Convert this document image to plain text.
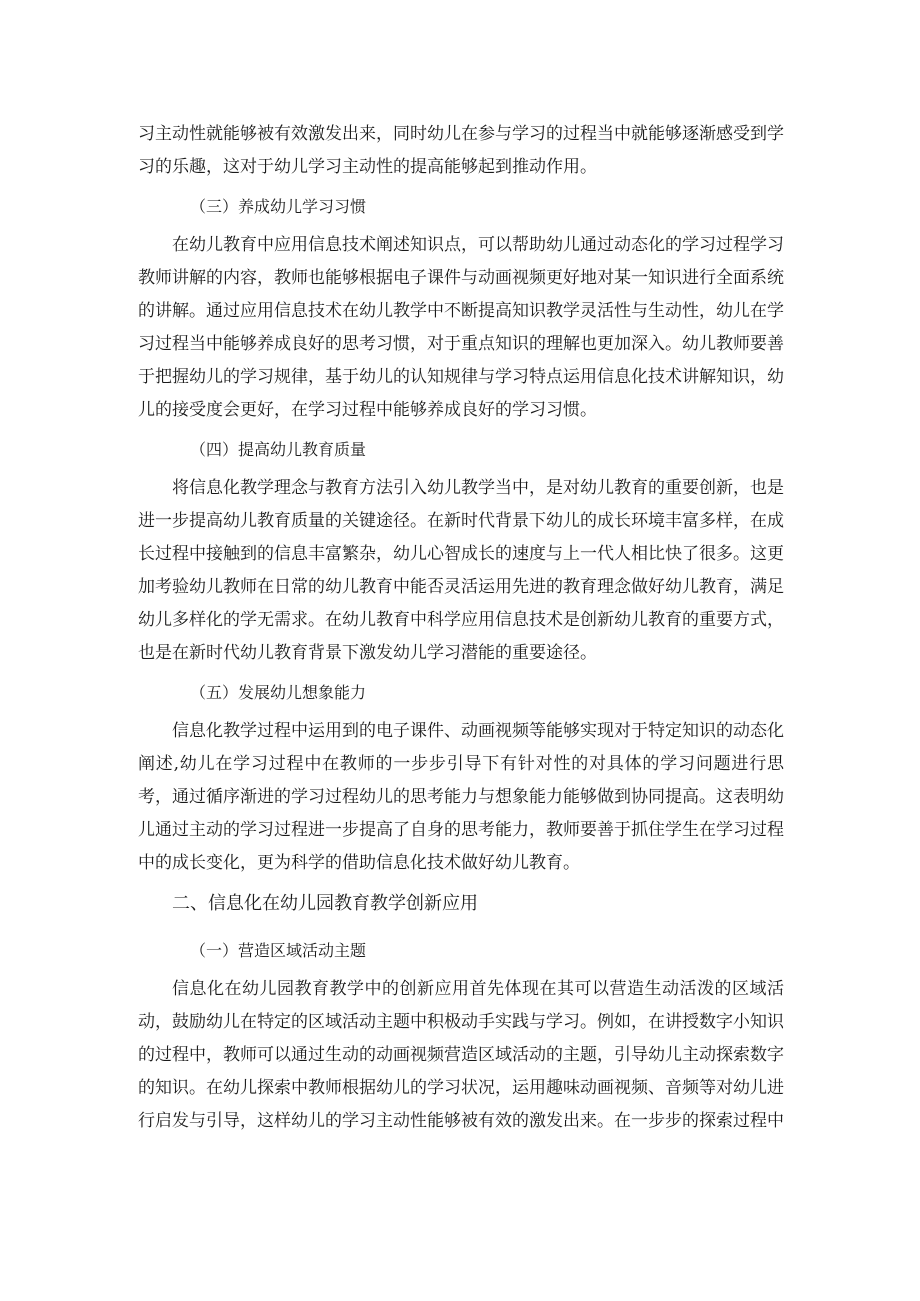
习主动性就能够被有效激发出来，同时幼儿在参与学习的过程当中就能够逐渐感受到学习的乐趣，这对于幼儿学习主动性的提高能够起到推动作用。

（三）养成幼儿学习习惯

在幼儿教育中应用信息技术阐述知识点，可以帮助幼儿通过动态化的学习过程学习教师讲解的内容，教师也能够根据电子课件与动画视频更好地对某一知识进行全面系统的讲解。通过应用信息技术在幼儿教学中不断提高知识教学灵活性与生动性，幼儿在学习过程当中能够养成良好的思考习惯，对于重点知识的理解也更加深入。幼儿教师要善于把握幼儿的学习规律，基于幼儿的认知规律与学习特点运用信息化技术讲解知识，幼儿的接受度会更好，在学习过程中能够养成良好的学习习惯。

（四）提高幼儿教育质量

将信息化教学理念与教育方法引入幼儿教学当中，是对幼儿教育的重要创新，也是进一步提高幼儿教育质量的关键途径。在新时代背景下幼儿的成长环境丰富多样，在成长过程中接触到的信息丰富繁杂，幼儿心智成长的速度与上一代人相比快了很多。这更加考验幼儿教师在日常的幼儿教育中能否灵活运用先进的教育理念做好幼儿教育，满足幼儿多样化的学无需求。在幼儿教育中科学应用信息技术是创新幼儿教育的重要方式，也是在新时代幼儿教育背景下激发幼儿学习潜能的重要途径。

（五）发展幼儿想象能力

信息化教学过程中运用到的电子课件、动画视频等能够实现对于特定知识的动态化阐述,幼儿在学习过程中在教师的一步步引导下有针对性的对具体的学习问题进行思考，通过循序渐进的学习过程幼儿的思考能力与想象能力能够做到协同提高。这表明幼儿通过主动的学习过程进一步提高了自身的思考能力，教师要善于抓住学生在学习过程中的成长变化，更为科学的借助信息化技术做好幼儿教育。

二、信息化在幼儿园教育教学创新应用

（一）营造区域活动主题

信息化在幼儿园教育教学中的创新应用首先体现在其可以营造生动活泼的区域活动，鼓励幼儿在特定的区域活动主题中积极动手实践与学习。例如，在讲授数字小知识的过程中，教师可以通过生动的动画视频营造区域活动的主题，引导幼儿主动探索数字的知识。在幼儿探索中教师根据幼儿的学习状况，运用趣味动画视频、音频等对幼儿进行启发与引导，这样幼儿的学习主动性能够被有效的激发出来。在一步步的探索过程中
